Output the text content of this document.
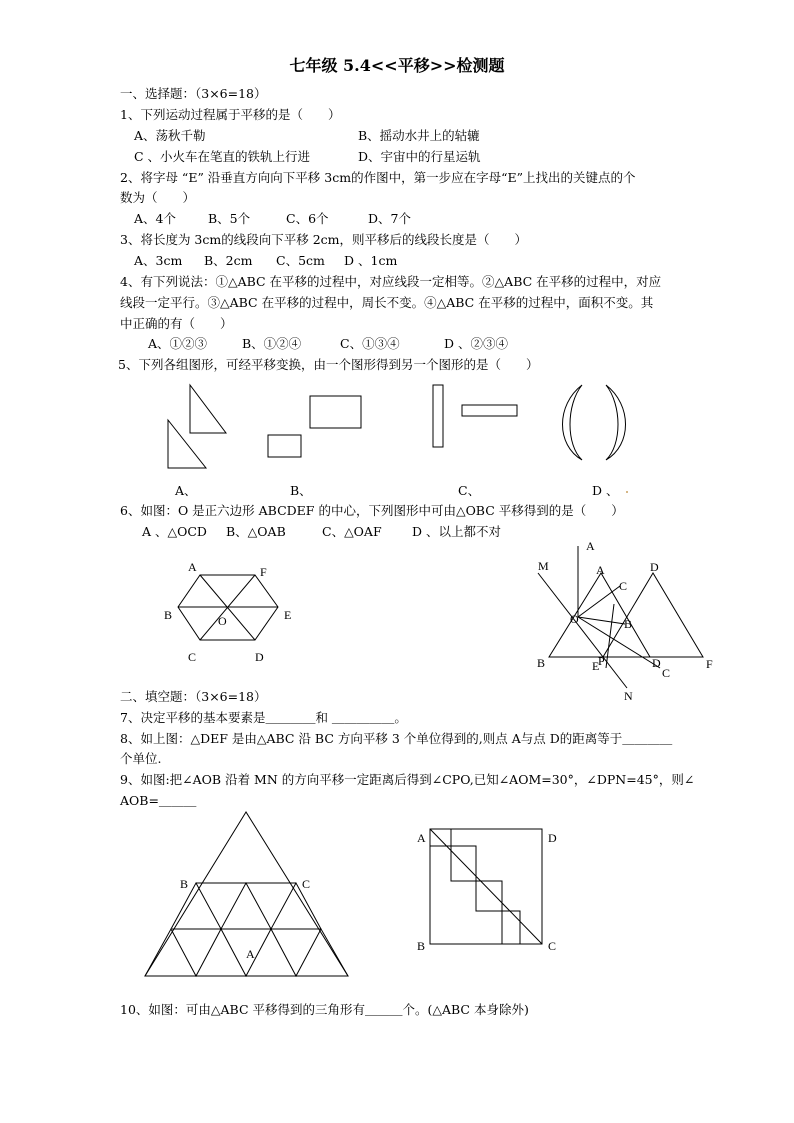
七年级 5.4<<平移>>检测题
一、选择题：（3×6=18）
1、下列运动过程属于平移的是（　　）
A、荡秋千勒	B、摇动水井上的轱辘
C 、小火车在笔直的铁轨上行进	D、宇宙中的行星运轨
2、将字母 “E” 沿垂直方向向下平移 3cm的作图中，第一步应在字母“E”上找出的关键点的个
数为（　　）
A、4个	B、5个	C、6个	D、7个
3、将长度为 3cm的线段向下平移 2cm，则平移后的线段长度是（　　）
A、3cm B、2cm C、5cm D 、1cm
4、有下列说法：①△ABC 在平移的过程中，对应线段一定相等。②△ABC 在平移的过程中，对应
线段一定平行。③△ABC 在平移的过程中，周长不变。④△ABC 在平移的过程中，面积不变。其
中正确的有（　　）
A、①②③	B、①②④	C、①③④	D 、②③④
5、下列各组图形，可经平移变换，由一个图形得到另一个图形的是（　　）
A、	B、	C、	D 、
6、如图：O 是正六边形 ABCDEF 的中心，下列图形中可由△OBC 平移得到的是（　　）
A 、△OCD B、△OAB	C、△OAF D 、以上都不对
A	F
B	E
O
C	D
M
A
A	D
C
O	B
B	E
P	D
C
F
N
二、填空题：（3×6=18）
7、决定平移的基本要素是＿＿＿＿和 ＿＿＿＿＿。
8、如上图：△DEF 是由△ABC 沿 BC 方向平移 3 个单位得到的,则点 A与点 D的距离等于＿＿＿＿
个单位.
9、如图:把∠AOB 沿着 MN 的方向平移一定距离后得到∠CPO,已知∠AOM=30°，∠DPN=45°，则∠
AOB=＿＿＿
B	C
A
A	D
B	C
10、如图：可由△ABC 平移得到的三角形有＿＿＿个。(△ABC 本身除外)
